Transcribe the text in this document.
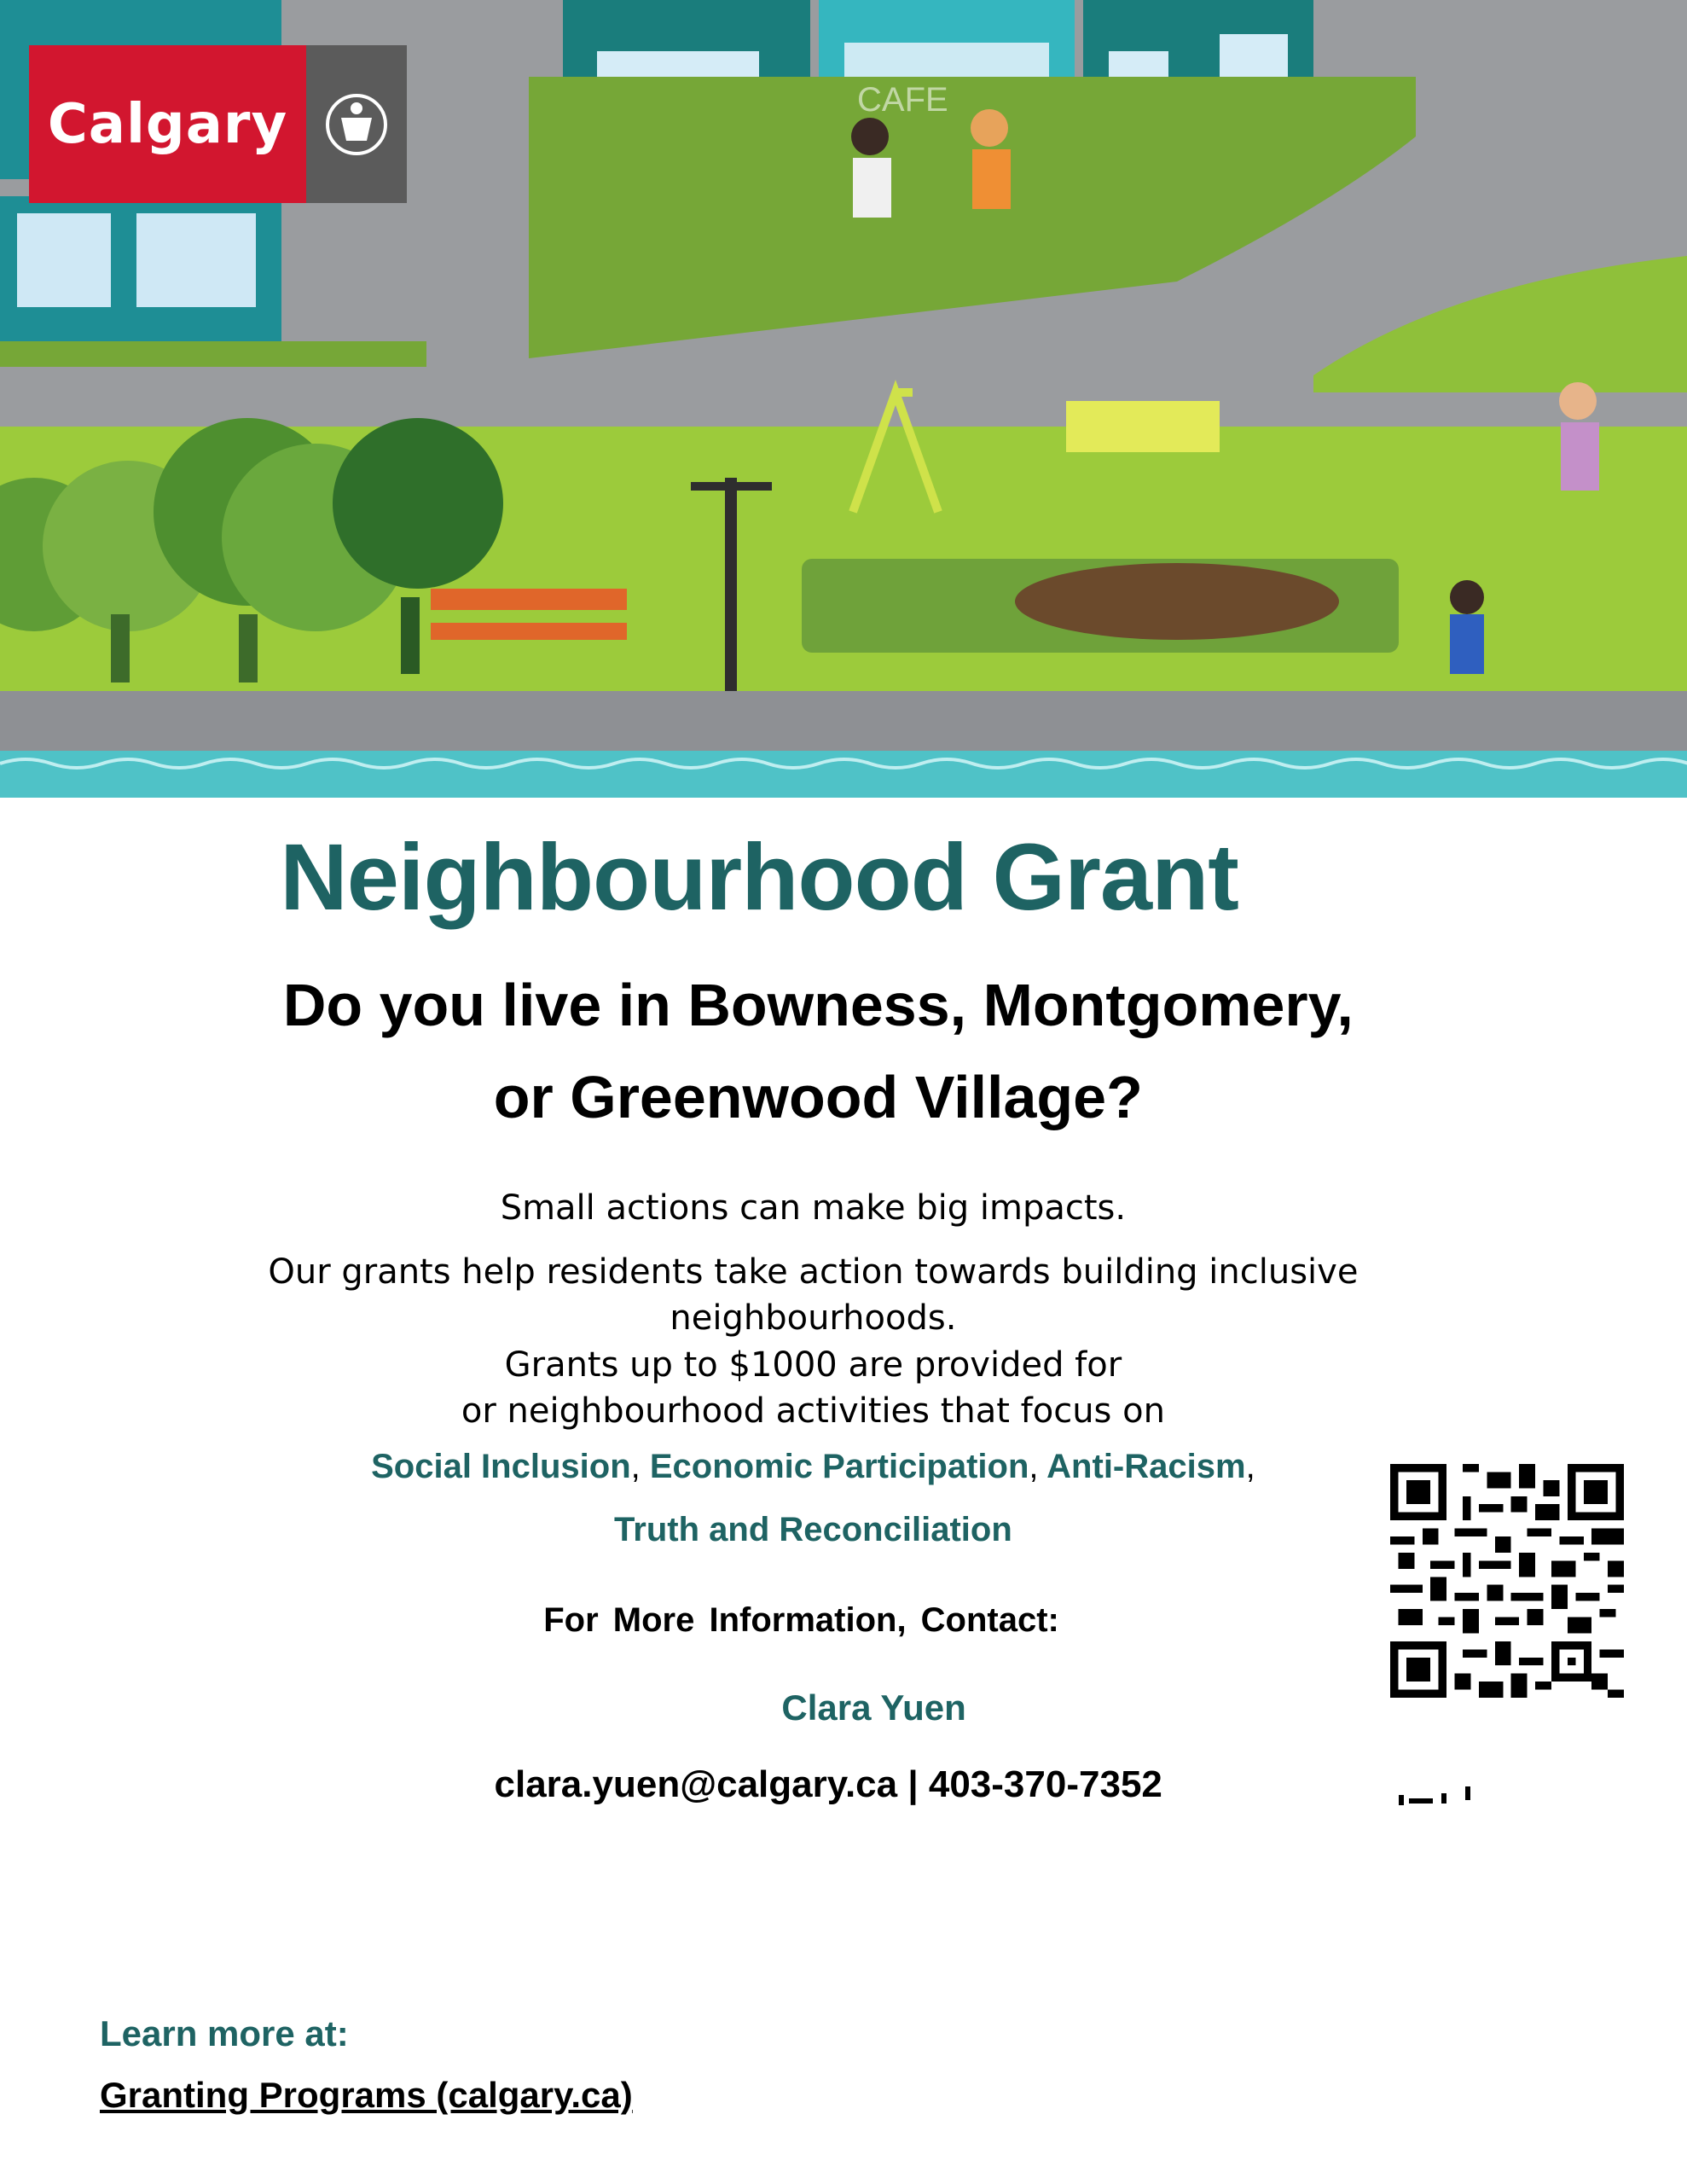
CAFE
Calgary
Neighbourhood Grant
Do you live in Bowness, Montgomery,
or Greenwood Village?
Small actions can make big impacts.
Our grants help residents take action towards building inclusive
neighbourhoods.
Grants up to $1000 are provided for
or neighbourhood activities that focus on
Social Inclusion, Economic Participation, Anti-Racism,
Truth and Reconciliation
For More Information, Contact:
Clara Yuen
clara.yuen@calgary.ca | 403-370-7352
Learn more at:
Granting Programs (calgary.ca)
